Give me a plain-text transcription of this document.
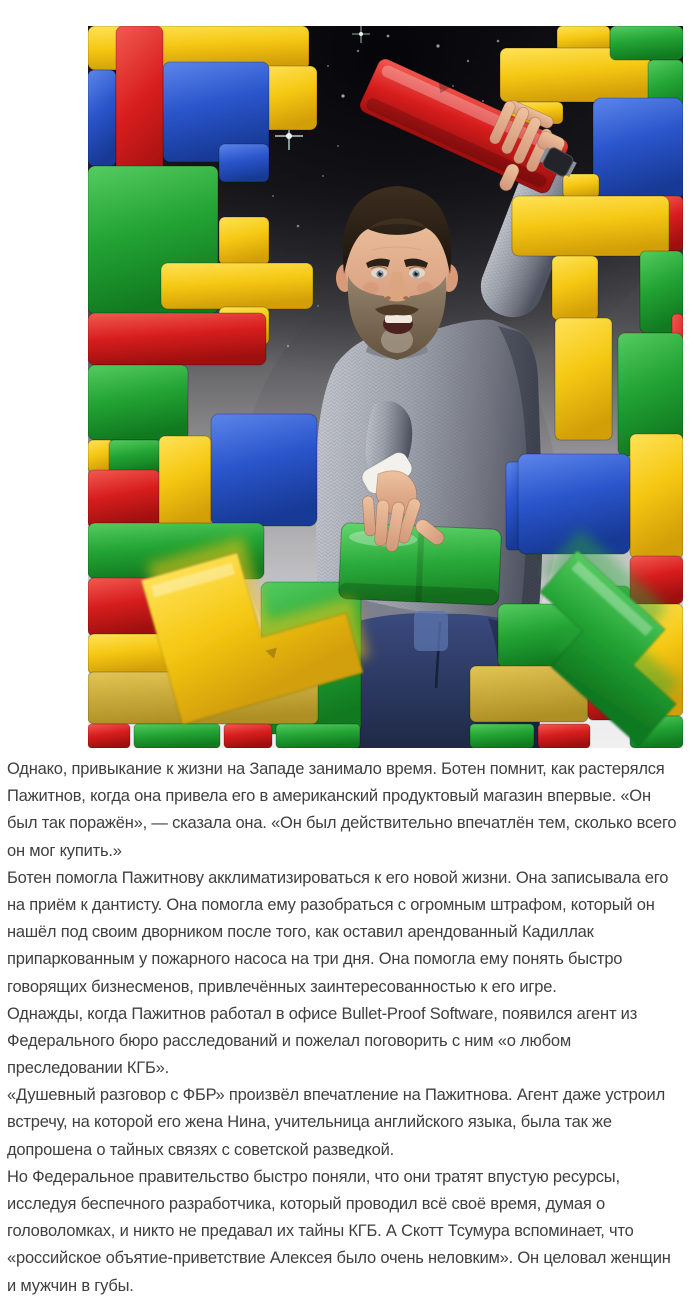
Однако, привыкание к жизни на Западе занимало время. Ботен помнит, как растерялся
Пажитнов, когда она привела его в американский продуктовый магазин впервые. «Он
был так поражён», — сказала она. «Он был действительно впечатлён тем, сколько всего
он мог купить.»

Ботен помогла Пажитнову акклиматизироваться к его новой жизни. Она записывала его
на приём к дантисту. Она помогла ему разобраться с огромным штрафом, который он
нашёл под своим дворником после того, как оставил арендованный Кадиллак
припаркованным у пожарного насоса на три дня. Она помогла ему понять быстро
говорящих бизнесменов, привлечённых заинтересованностью к его игре.

Однажды, когда Пажитнов работал в офисе Bullet-Proof Software, появился агент из
Федерального бюро расследований и пожелал поговорить с ним «о любом
преследовании КГБ».

«Душевный разговор с ФБР» произвёл впечатление на Пажитнова. Агент даже устроил
встречу, на которой его жена Нина, учительница английского языка, была так же
допрошена о тайных связях с советской разведкой.

Но Федеральное правительство быстро поняли, что они тратят впустую ресурсы,
исследуя беспечного разработчика, который проводил всё своё время, думая о
головоломках, и никто не предавал их тайны КГБ. А Скотт Тсумура вспоминает, что
«российское объятие-приветствие Алексея было очень неловким». Он целовал женщин
и мужчин в губы.
